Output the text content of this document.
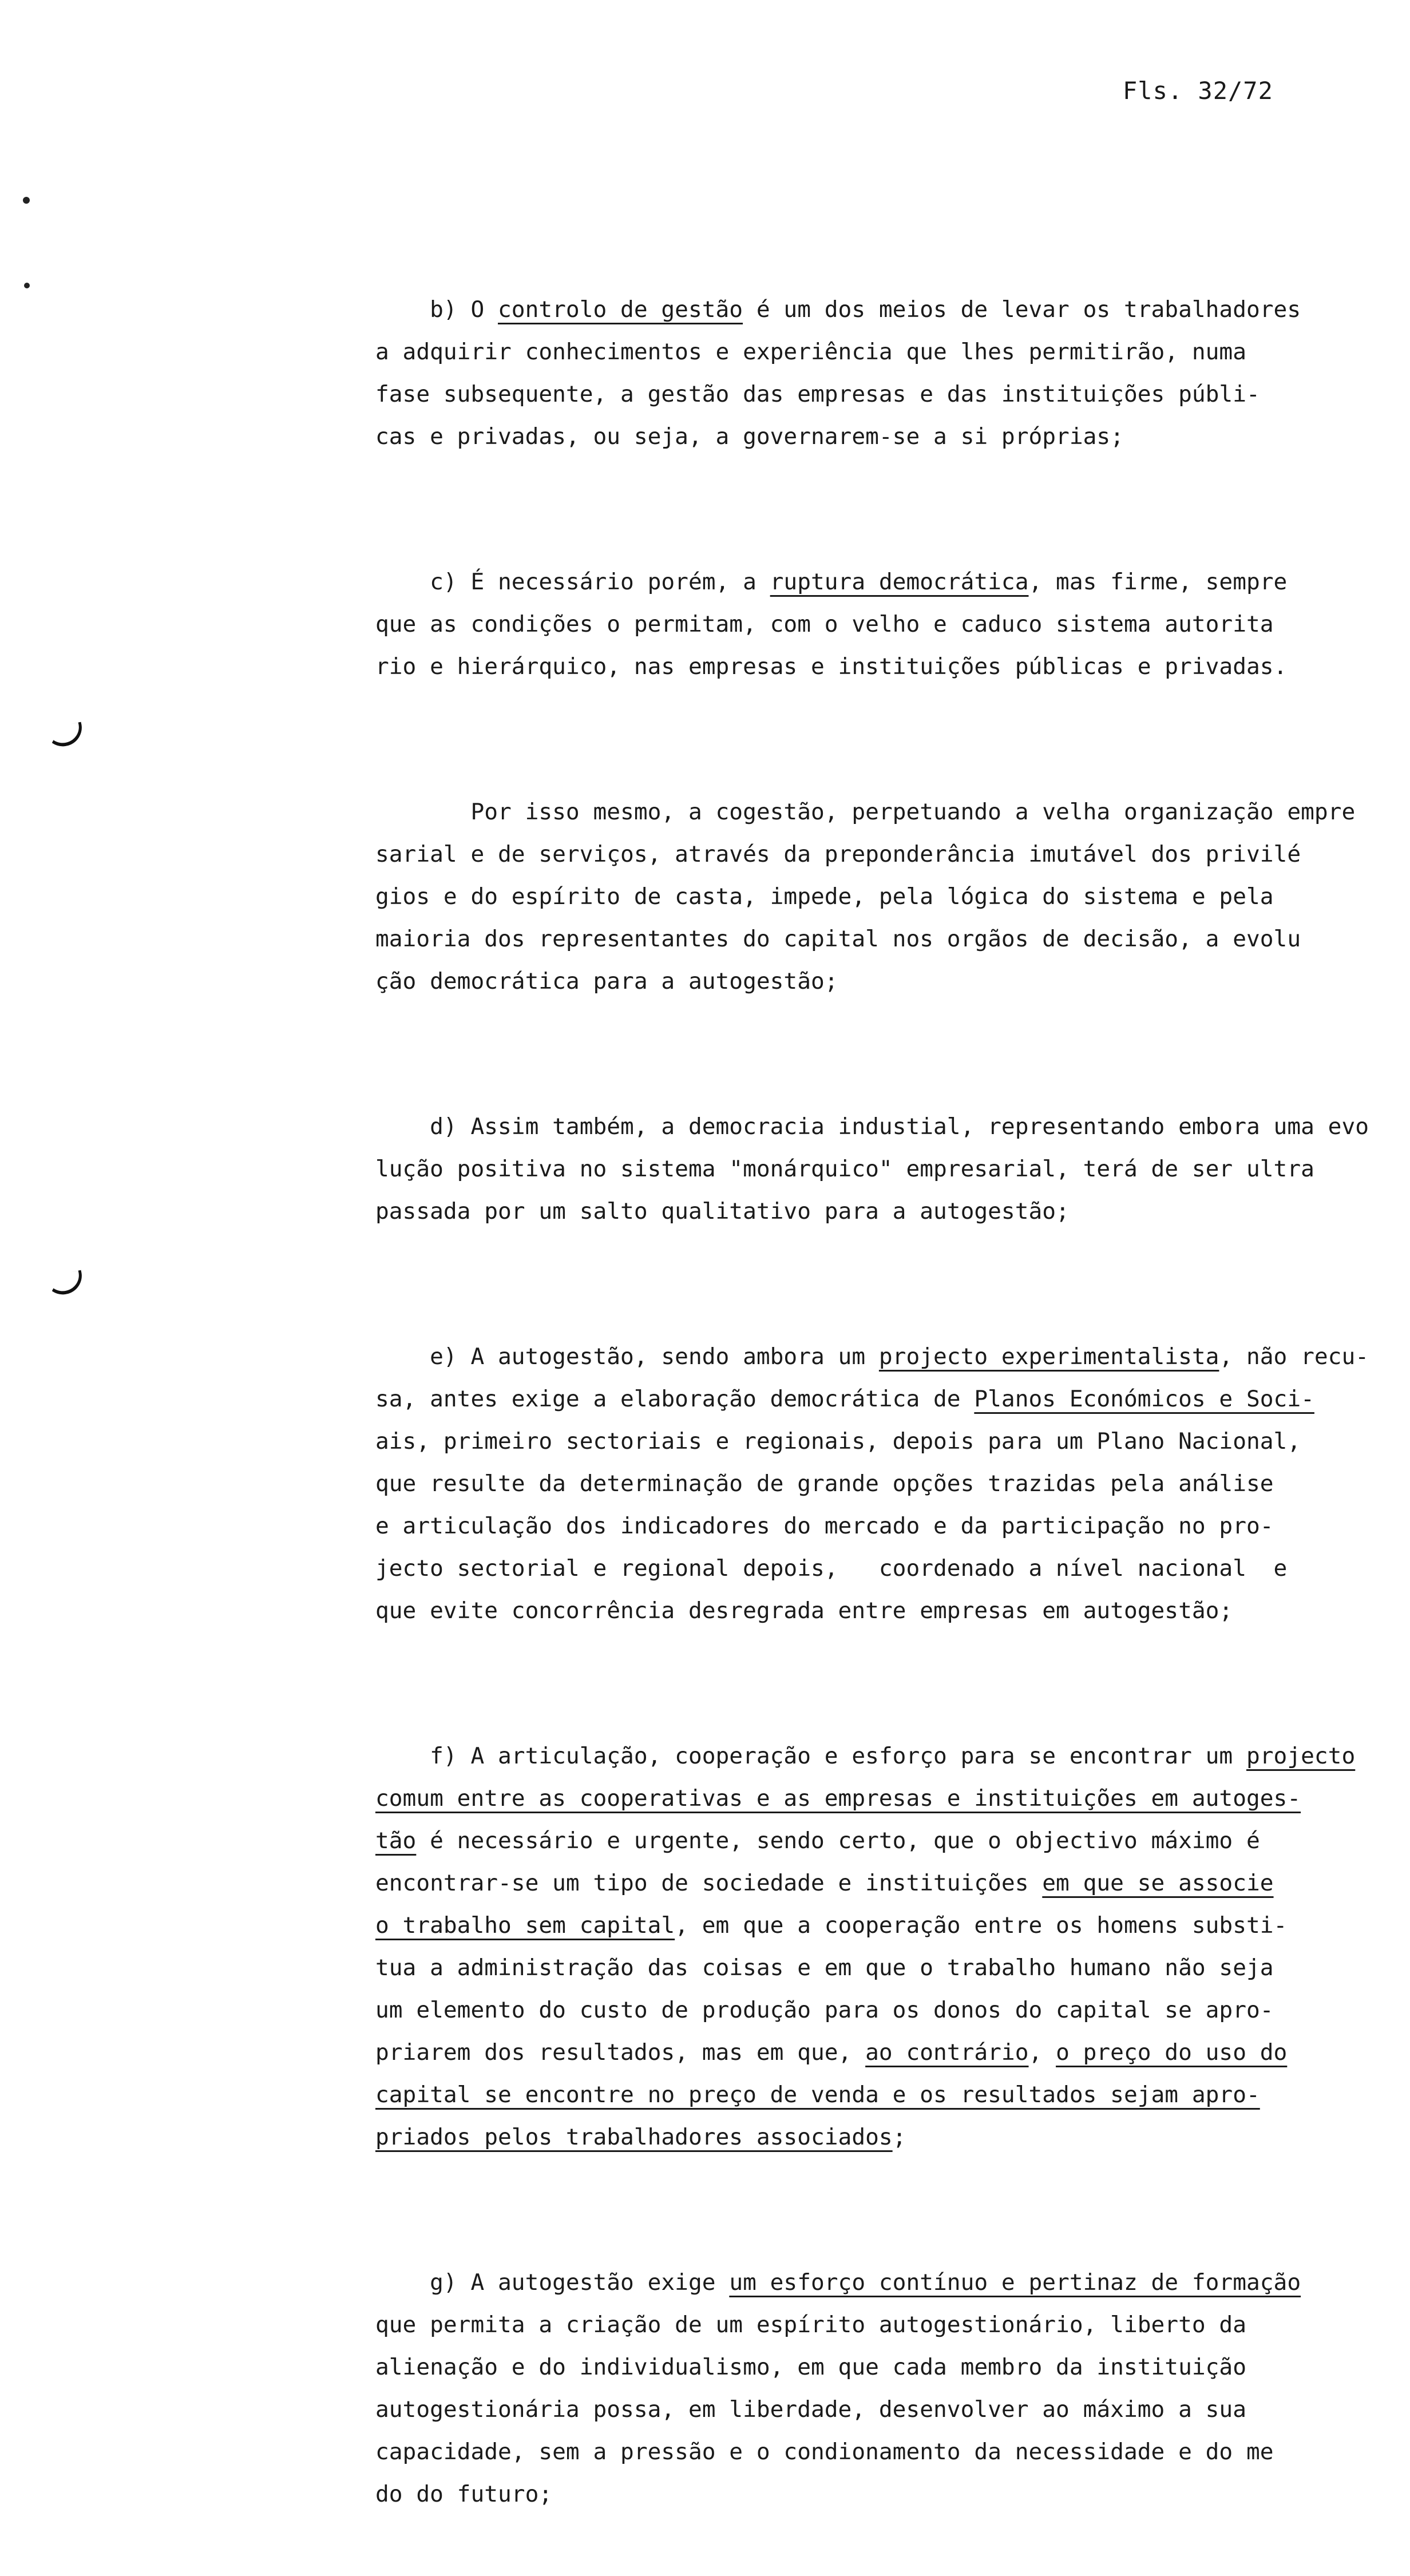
Fls. 32/72

b) O controlo de gestão é um dos meios de levar os trabalhadores
a adquirir conhecimentos e experiência que lhes permitirão, numa
fase subsequente, a gestão das empresas e das instituições públi-
cas e privadas, ou seja, a governarem-se a si próprias;

c) É necessário porém, a ruptura democrática, mas firme, sempre
que as condições o permitam, com o velho e caduco sistema autorita
rio e hierárquico, nas empresas e instituições públicas e privadas.

Por isso mesmo, a cogestão, perpetuando a velha organização empre
sarial e de serviços, através da preponderância imutável dos privilé
gios e do espírito de casta, impede, pela lógica do sistema e pela
maioria dos representantes do capital nos orgãos de decisão, a evolu
ção democrática para a autogestão;

d) Assim também, a democracia industial, representando embora uma evo
lução positiva no sistema "monárquico" empresarial, terá de ser ultra
passada por um salto qualitativo para a autogestão;

e) A autogestão, sendo ambora um projecto experimentalista, não recu-
sa, antes exige a elaboração democrática de Planos Económicos e Soci-
ais, primeiro sectoriais e regionais, depois para um Plano Nacional,
que resulte da determinação de grande opções trazidas pela análise
e articulação dos indicadores do mercado e da participação no pro-
jecto sectorial e regional depois,   coordenado a nível nacional  e
que evite concorrência desregrada entre empresas em autogestão;

f) A articulação, cooperação e esforço para se encontrar um projecto
comum entre as cooperativas e as empresas e instituições em autoges-
tão é necessário e urgente, sendo certo, que o objectivo máximo é
encontrar-se um tipo de sociedade e instituições em que se associe
o trabalho sem capital, em que a cooperação entre os homens substi-
tua a administração das coisas e em que o trabalho humano não seja
um elemento do custo de produção para os donos do capital se apro-
priarem dos resultados, mas em que, ao contrário, o preço do uso do
capital se encontre no preço de venda e os resultados sejam apro-
priados pelos trabalhadores associados;

g) A autogestão exige um esforço contínuo e pertinaz de formação
que permita a criação de um espírito autogestionário, liberto da
alienação e do individualismo, em que cada membro da instituição
autogestionária possa, em liberdade, desenvolver ao máximo a sua
capacidade, sem a pressão e o condionamento da necessidade e do me
do do futuro;
